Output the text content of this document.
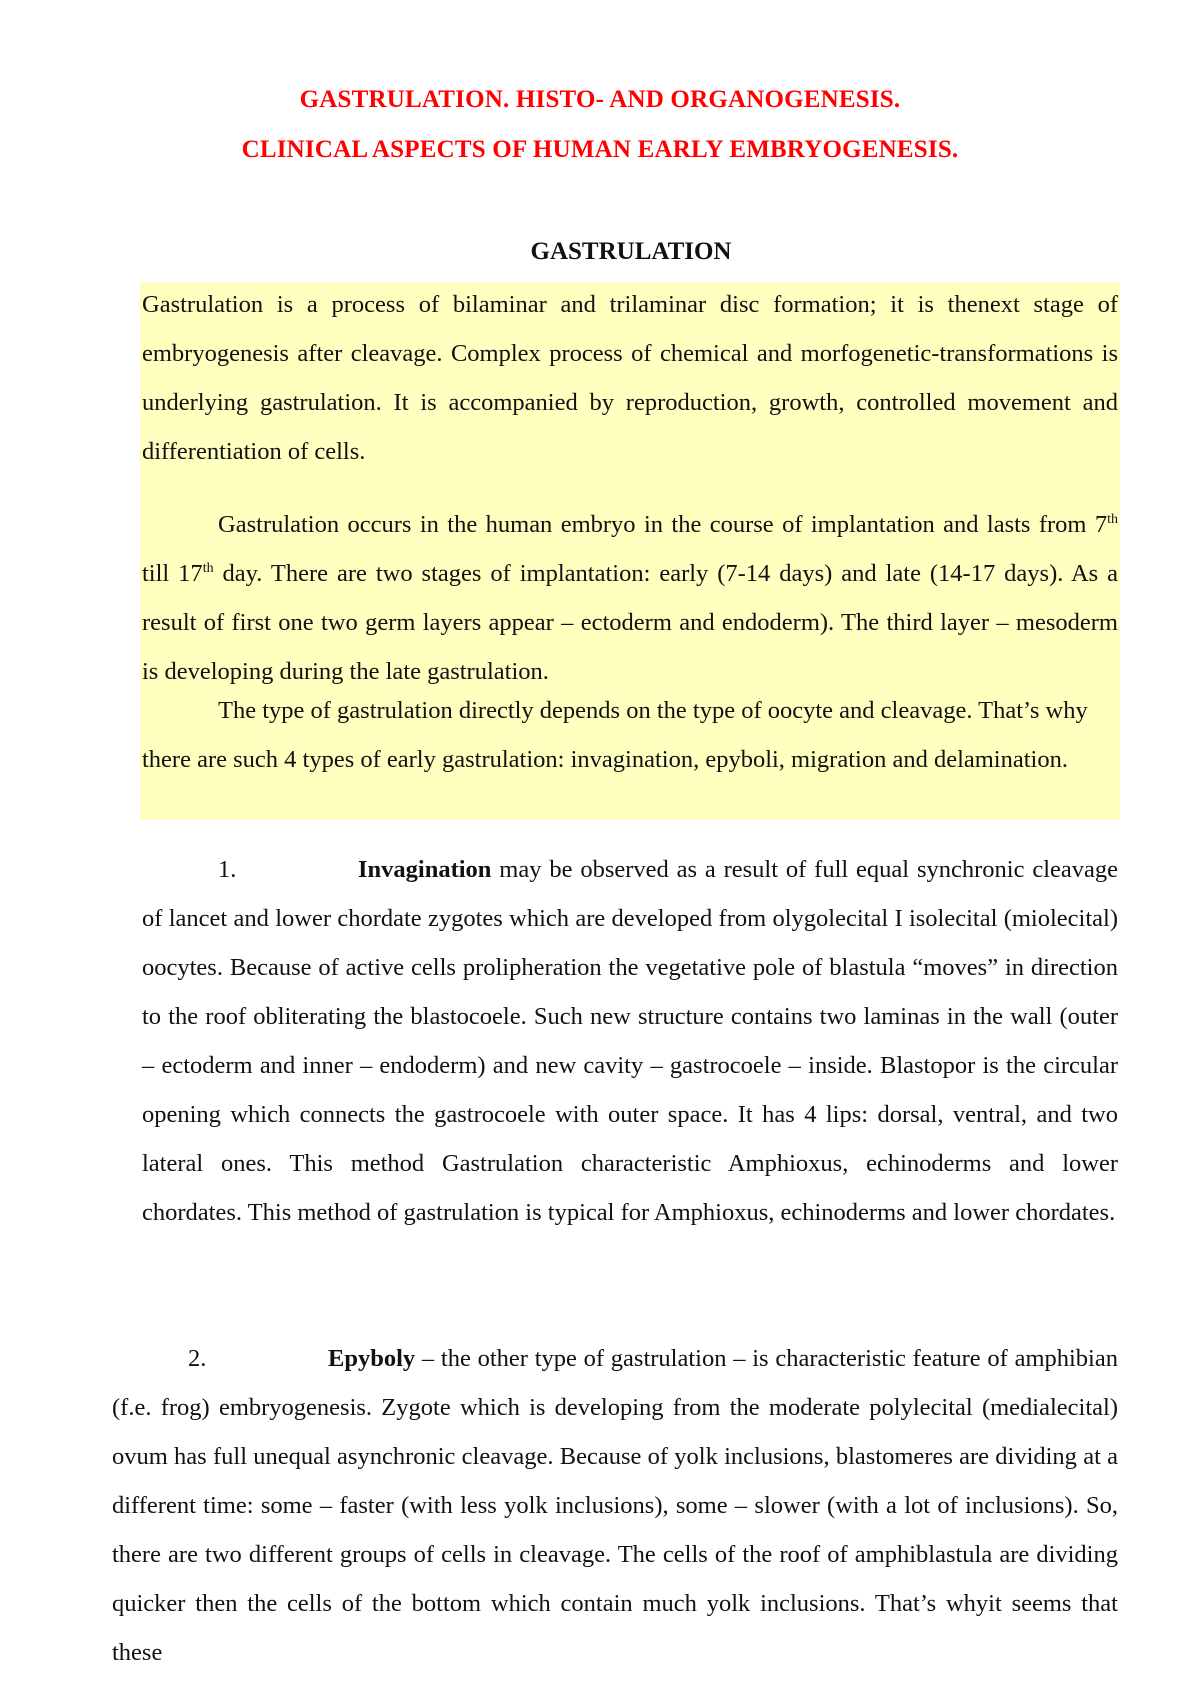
GASTRULATION. HISTO- AND ORGANOGENESIS.
CLINICAL ASPECTS OF HUMAN EARLY EMBRYOGENESIS.
GASTRULATION

Gastrulation is a process of bilaminar and trilaminar disc formation; it is thenext stage of embryogenesis after cleavage. Complex process of chemical and morfogenetic-transformations is underlying gastrulation. It is accompanied by reproduction, growth, controlled movement and differentiation of cells.

Gastrulation occurs in the human embryo in the course of implantation and lasts from 7th till 17th day. There are two stages of implantation: early (7-14 days) and late (14-17 days). As a result of first one two germ layers appear – ectoderm and endoderm). The third layer – mesoderm is developing during the late gastrulation.

The type of gastrulation directly depends on the type of oocyte and cleavage. That’s why there are such 4 types of early gastrulation: invagination, epyboli, migration and delamination.

1.	Invagination may be observed as a result of full equal synchronic cleavage of lancet and lower chordate zygotes which are developed from olygolecital I isolecital (miolecital) oocytes. Because of active cells prolipheration the vegetative pole of blastula “moves” in direction to the roof obliterating the blastocoele. Such new structure contains two laminas in the wall (outer – ectoderm and inner – endoderm) and new cavity – gastrocoele – inside. Blastopor is the circular opening which connects the gastrocoele with outer space. It has 4 lips: dorsal, ventral, and two lateral ones. This method Gastrulation characteristic Amphioxus, echinoderms and lower chordates. This method of gastrulation is typical for Amphioxus, echinoderms and lower chordates.

2.	Epyboly – the other type of gastrulation – is characteristic feature of amphibian (f.e. frog) embryogenesis. Zygote which is developing from the moderate polylecital (medialecital) ovum has full unequal asynchronic cleavage. Because of yolk inclusions, blastomeres are dividing at a different time: some – faster (with less yolk inclusions), some – slower (with a lot of inclusions). So, there are two different groups of cells in cleavage. The cells of the roof of amphiblastula are dividing quicker then the cells of the bottom which contain much yolk inclusions. That’s whyit seems that these
